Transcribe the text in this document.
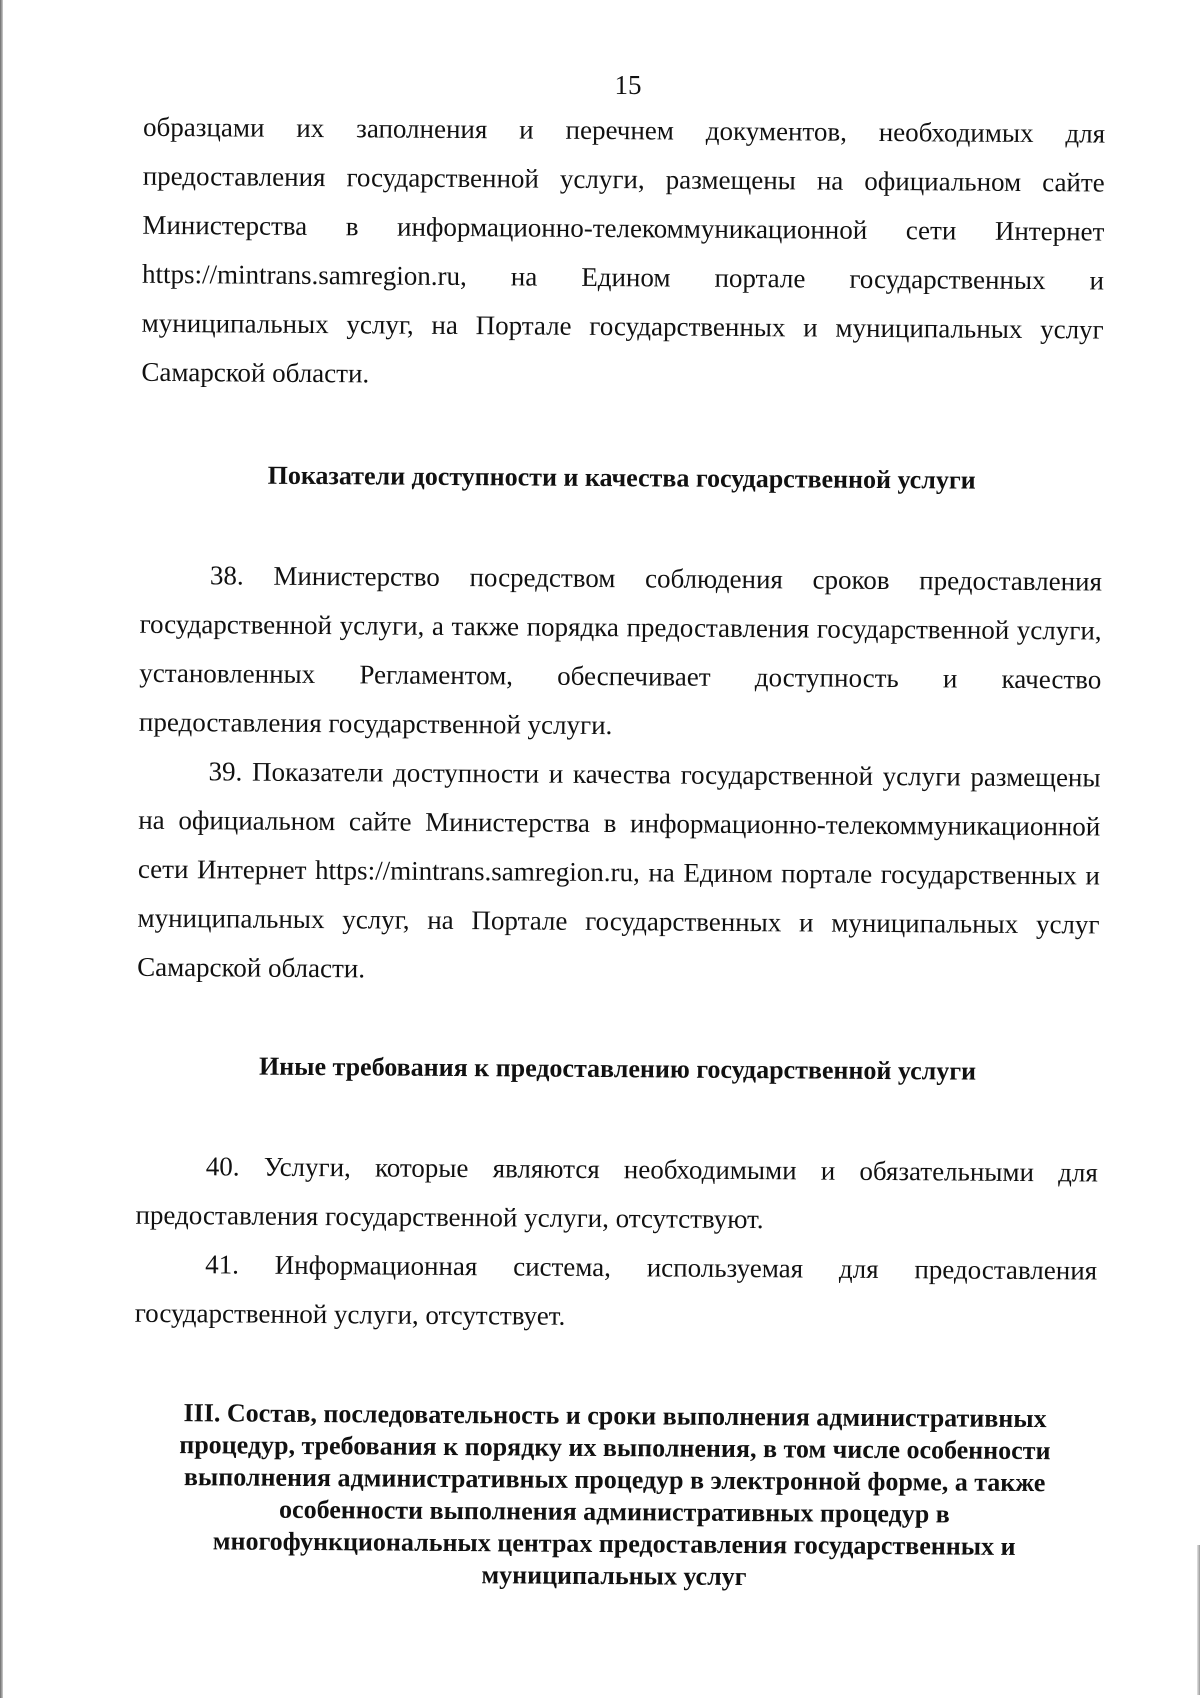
15

образцами их заполнения и перечнем документов, необходимых для предоставления государственной услуги, размещены на официальном сайте Министерства в информационно-телекоммуникационной сети Интернет https://mintrans.samregion.ru, на Едином портале государственных и муниципальных услуг, на Портале государственных и муниципальных услуг Самарской области.

Показатели доступности и качества государственной услуги

38. Министерство посредством соблюдения сроков предоставления государственной услуги, а также порядка предоставления государственной услуги, установленных Регламентом, обеспечивает доступность и качество предоставления государственной услуги.

39. Показатели доступности и качества государственной услуги размещены на официальном сайте Министерства в информационно-телекоммуникационной сети Интернет https://mintrans.samregion.ru, на Едином портале государственных и муниципальных услуг, на Портале государственных и муниципальных услуг Самарской области.

Иные требования к предоставлению государственной услуги

40. Услуги, которые являются необходимыми и обязательными для предоставления государственной услуги, отсутствуют.

41. Информационная система, используемая для предоставления государственной услуги, отсутствует.

III. Состав, последовательность и сроки выполнения административных
процедур, требования к порядку их выполнения, в том числе особенности
выполнения административных процедур в электронной форме, а также
особенности выполнения административных процедур в
многофункциональных центрах предоставления государственных и
муниципальных услуг
